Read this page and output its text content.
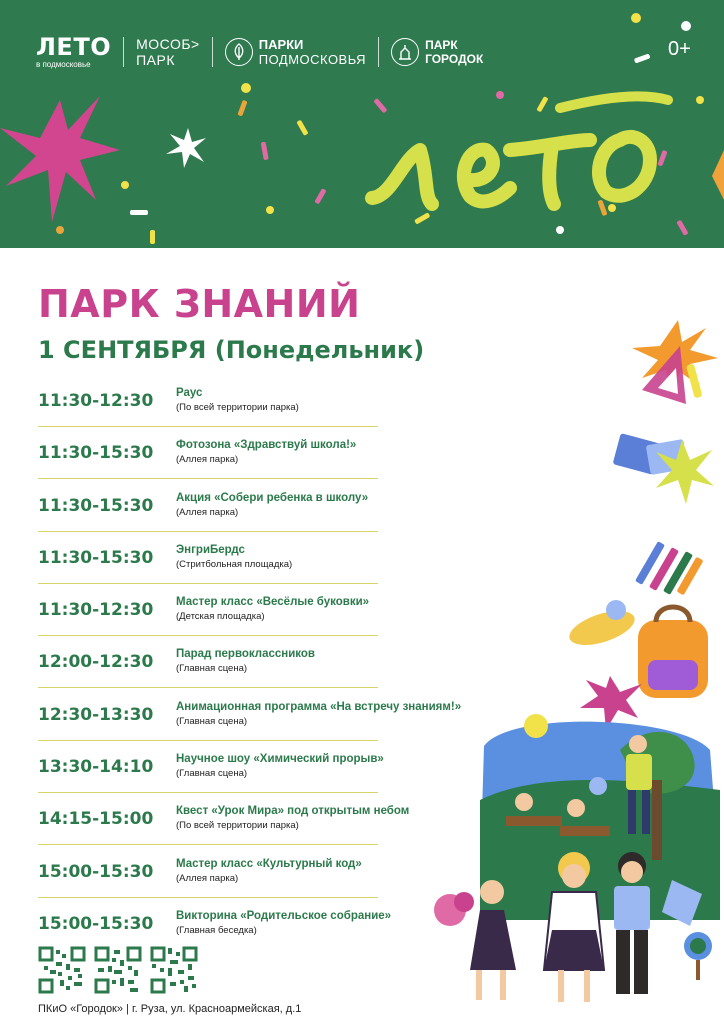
ЛЕТО
в подмосковье
МОСОБ>
ПАРК
ПАРКИ
ПОДМОСКОВЬЯ
ПАРК
ГОРОДОК	0+
ПАРК ЗНАНИЙ
1 СЕНТЯБРЯ (Понедельник)
11:30-12:30 Раус
(По всей территории парка)
11:30-15:30 Фотозона «Здравствуй школа!»
(Аллея парка)
11:30-15:30 Акция «Собери ребенка в школу»
(Аллея парка)
11:30-15:30 ЭнгриБердс
(Стритбольная площадка)
11:30-12:30 Мастер класс «Весёлые буковки»
(Детская площадка)
12:00-12:30 Парад первоклассников
(Главная сцена)
12:30-13:30 Анимационная программа «На встречу знаниям!»
(Главная сцена)
13:30-14:10 Научное шоу «Химический прорыв»
(Главная сцена)
14:15-15:00 Квест «Урок Мира» под открытым небом
(По всей территории парка)
15:00-15:30 Мастер класс «Культурный код»
(Аллея парка)
15:00-15:30 Викторина «Родительское собрание»
(Главная беседка)
ПКиО «Городок» | г. Руза, ул. Красноармейская, д.1
